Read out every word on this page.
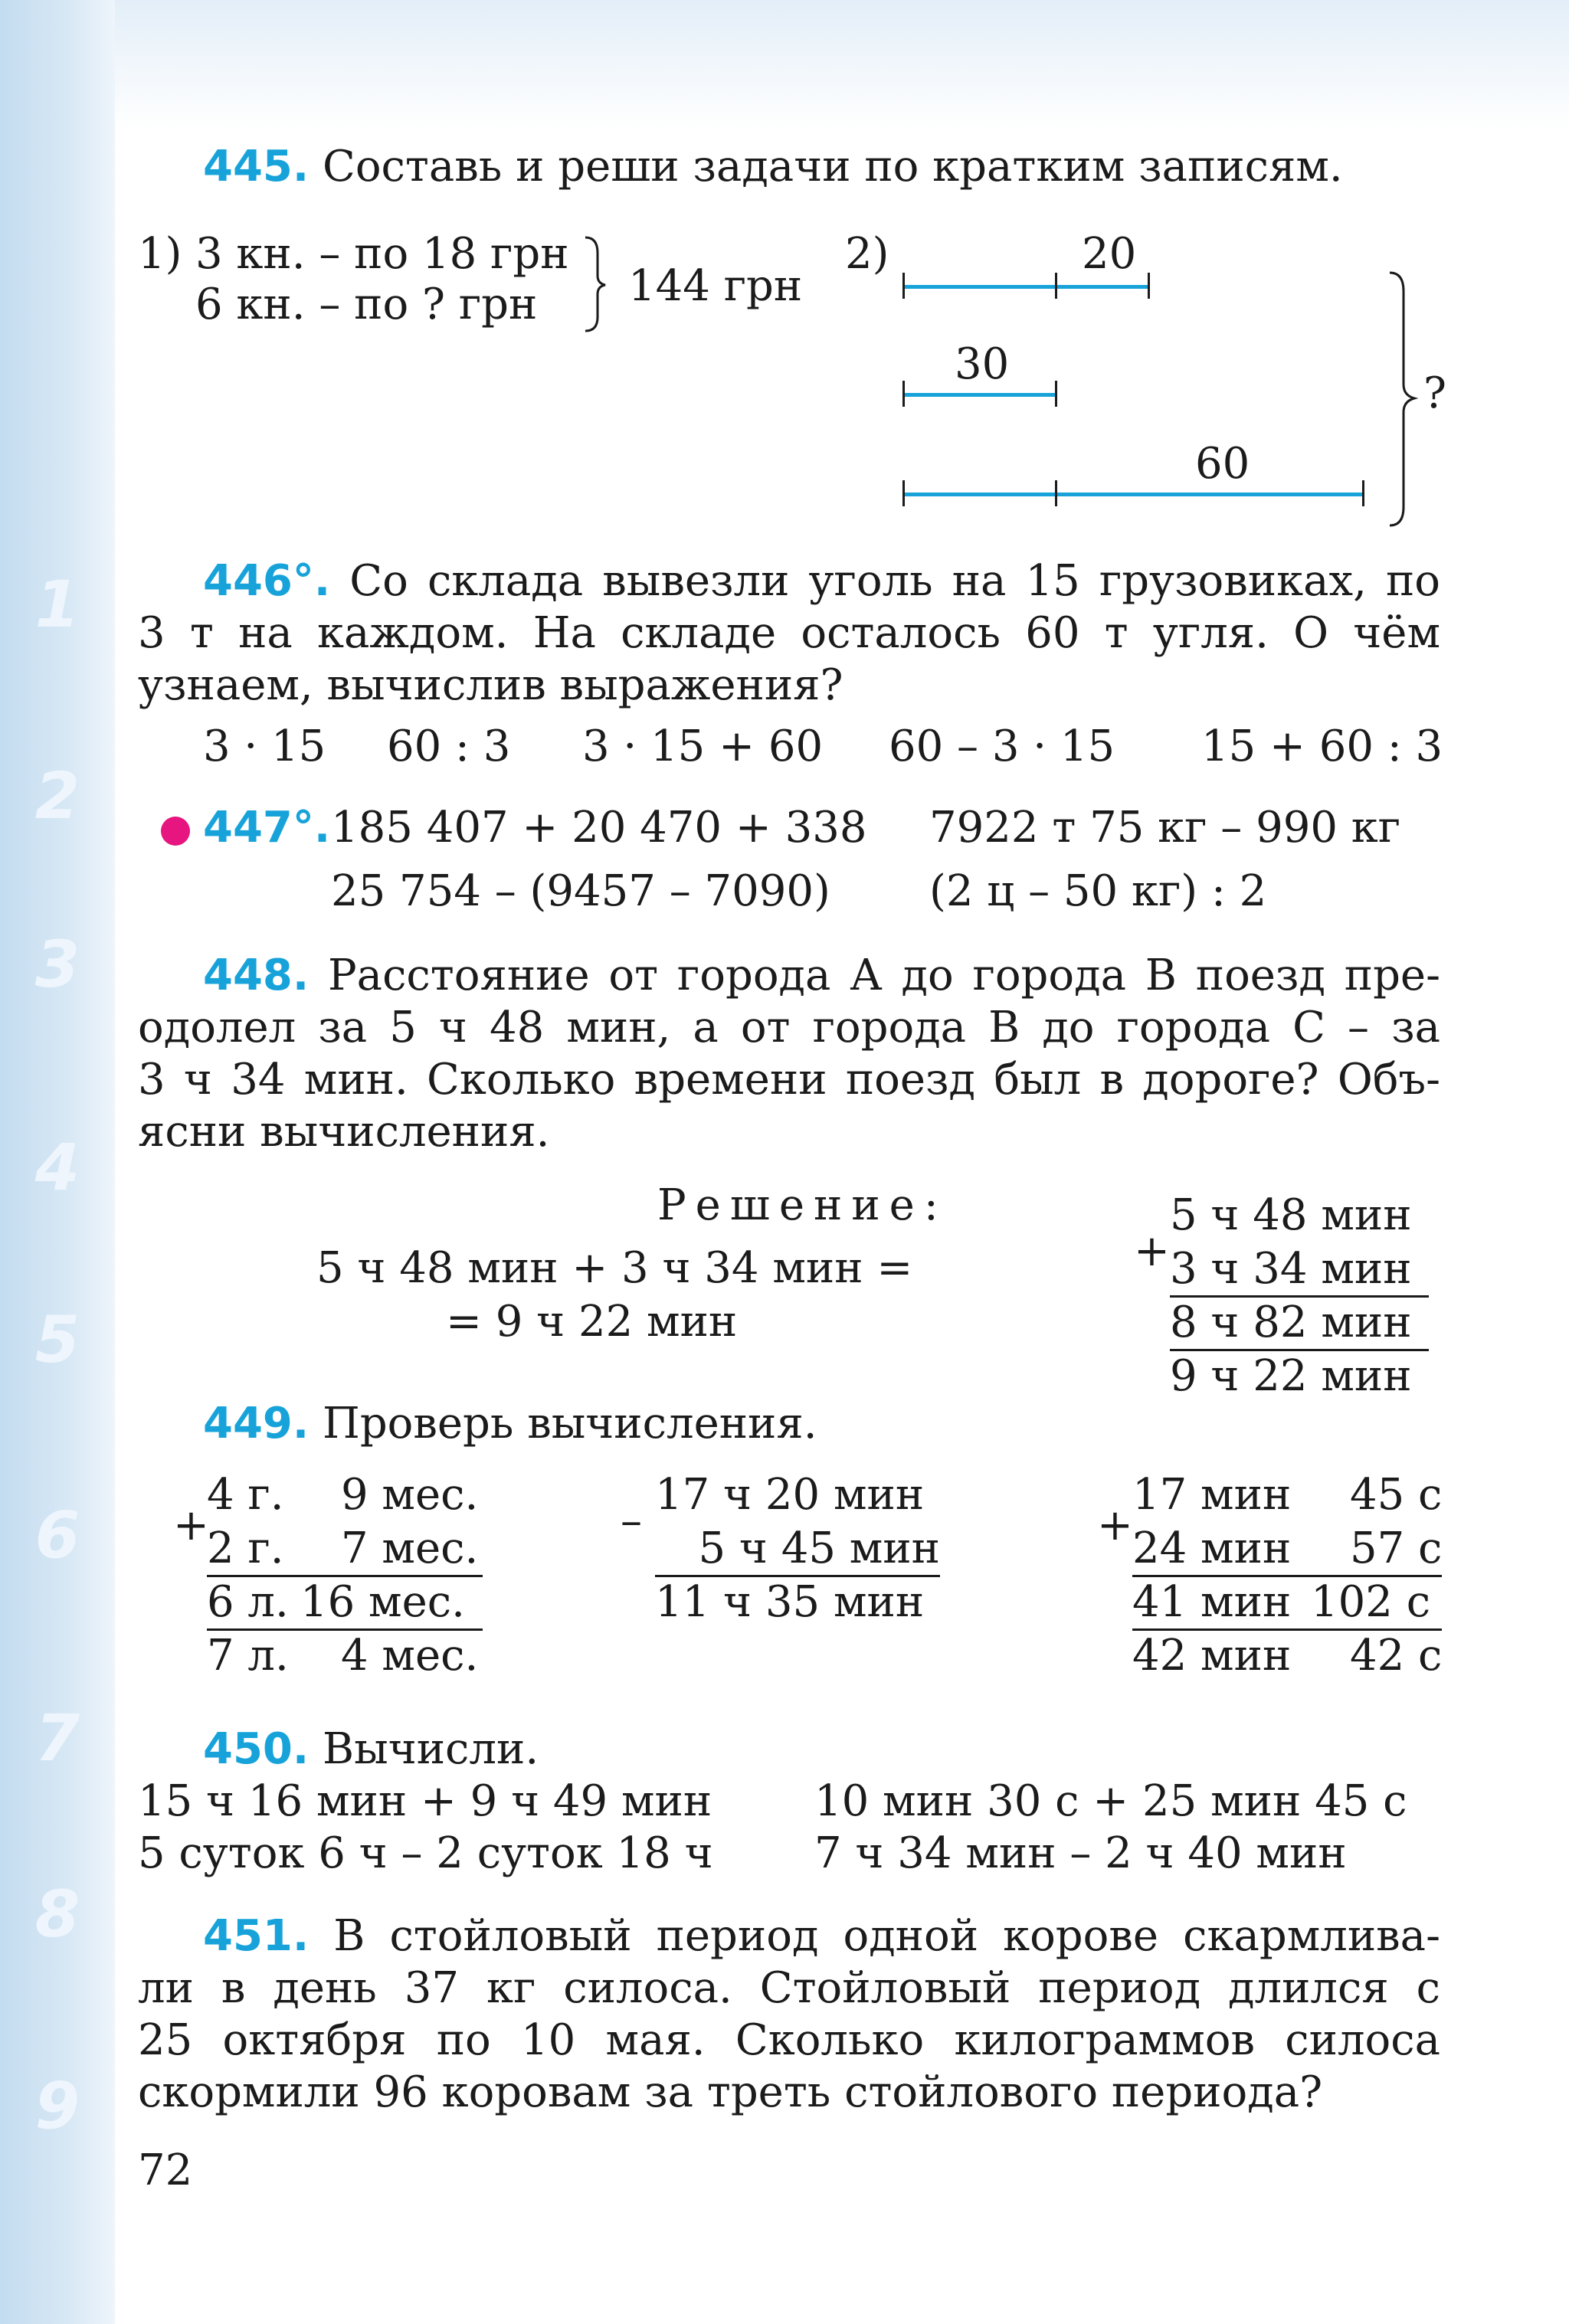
1
2
3
4
5
6
7
8
9
445. Составь и реши задачи по кратким записям.
1) 3 кн. – по 18 грн
6 кн. – по ? грн 144 грн
2)	20
30
60
?
446°. Со склада вывезли уголь на 15 грузовиках, по
3 т на каждом. На складе осталось 60 т угля. О чём
узнаем, вычислив выражения?
3 · 15 60 : 3 3 · 15 + 60 60 – 3 · 15 15 + 60 : 3
447°. 185 407 + 20 470 + 338 7922 т 75 кг – 990 кг
25 754 – (9457 – 7090) (2 ц – 50 кг) : 2
448. Расстояние от города А до города В поезд пре-
одолел за 5 ч 48 мин, а от города В до города С – за
3 ч 34 мин. Сколько времени поезд был в дороге? Объ-
ясни вычисления.
Решение:
5 ч 48 мин + 3 ч 34 мин =
= 9 ч 22 мин
+
5 ч 48 мин
3 ч 34 мин
8 ч 82 мин
9 ч 22 мин
449. Проверь вычисления.
+
4 г. 9 мес.
2 г. 7 мес.
6 л. 16 мес.
7 л. 4 мес.
–
17 ч 20 мин
5 ч 45 мин
11 ч 35 мин
+
17 мин 45 с
24 мин 57 с
41 мин 102 с
42 мин 42 с
450. Вычисли.
15 ч 16 мин + 9 ч 49 мин 10 мин 30 с + 25 мин 45 с
5 суток 6 ч – 2 суток 18 ч 7 ч 34 мин – 2 ч 40 мин
451. В стойловый период одной корове скармлива-
ли в день 37 кг силоса. Стойловый период длился с
25 октября по 10 мая. Сколько килограммов силоса
скормили 96 коровам за треть стойлового периода?
72
